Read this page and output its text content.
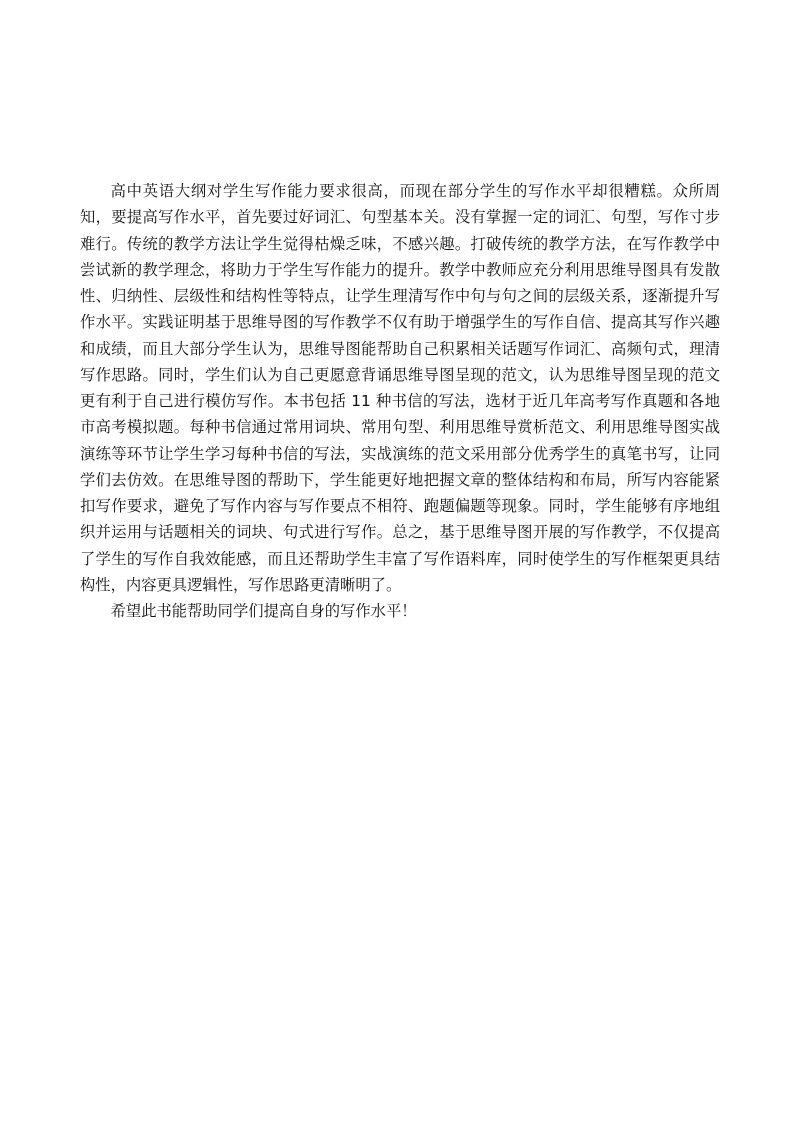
高中英语大纲对学生写作能力要求很高，而现在部分学生的写作水平却很糟糕。众所周知，要提高写作水平，首先要过好词汇、句型基本关。没有掌握一定的词汇、句型，写作寸步难行。传统的教学方法让学生觉得枯燥乏味，不感兴趣。打破传统的教学方法，在写作教学中尝试新的教学理念，将助力于学生写作能力的提升。教学中教师应充分利用思维导图具有发散性、归纳性、层级性和结构性等特点，让学生理清写作中句与句之间的层级关系，逐渐提升写作水平。实践证明基于思维导图的写作教学不仅有助于增强学生的写作自信、提高其写作兴趣和成绩，而且大部分学生认为，思维导图能帮助自己积累相关话题写作词汇、高频句式，理清写作思路。同时，学生们认为自己更愿意背诵思维导图呈现的范文，认为思维导图呈现的范文更有利于自己进行模仿写作。本书包括 11 种书信的写法，选材于近几年高考写作真题和各地市高考模拟题。每种书信通过常用词块、常用句型、利用思维导赏析范文、利用思维导图实战演练等环节让学生学习每种书信的写法，实战演练的范文采用部分优秀学生的真笔书写，让同学们去仿效。在思维导图的帮助下，学生能更好地把握文章的整体结构和布局，所写内容能紧扣写作要求，避免了写作内容与写作要点不相符、跑题偏题等现象。同时，学生能够有序地组织并运用与话题相关的词块、句式进行写作。总之，基于思维导图开展的写作教学，不仅提高了学生的写作自我效能感，而且还帮助学生丰富了写作语料库，同时使学生的写作框架更具结构性，内容更具逻辑性，写作思路更清晰明了。

希望此书能帮助同学们提高自身的写作水平！
